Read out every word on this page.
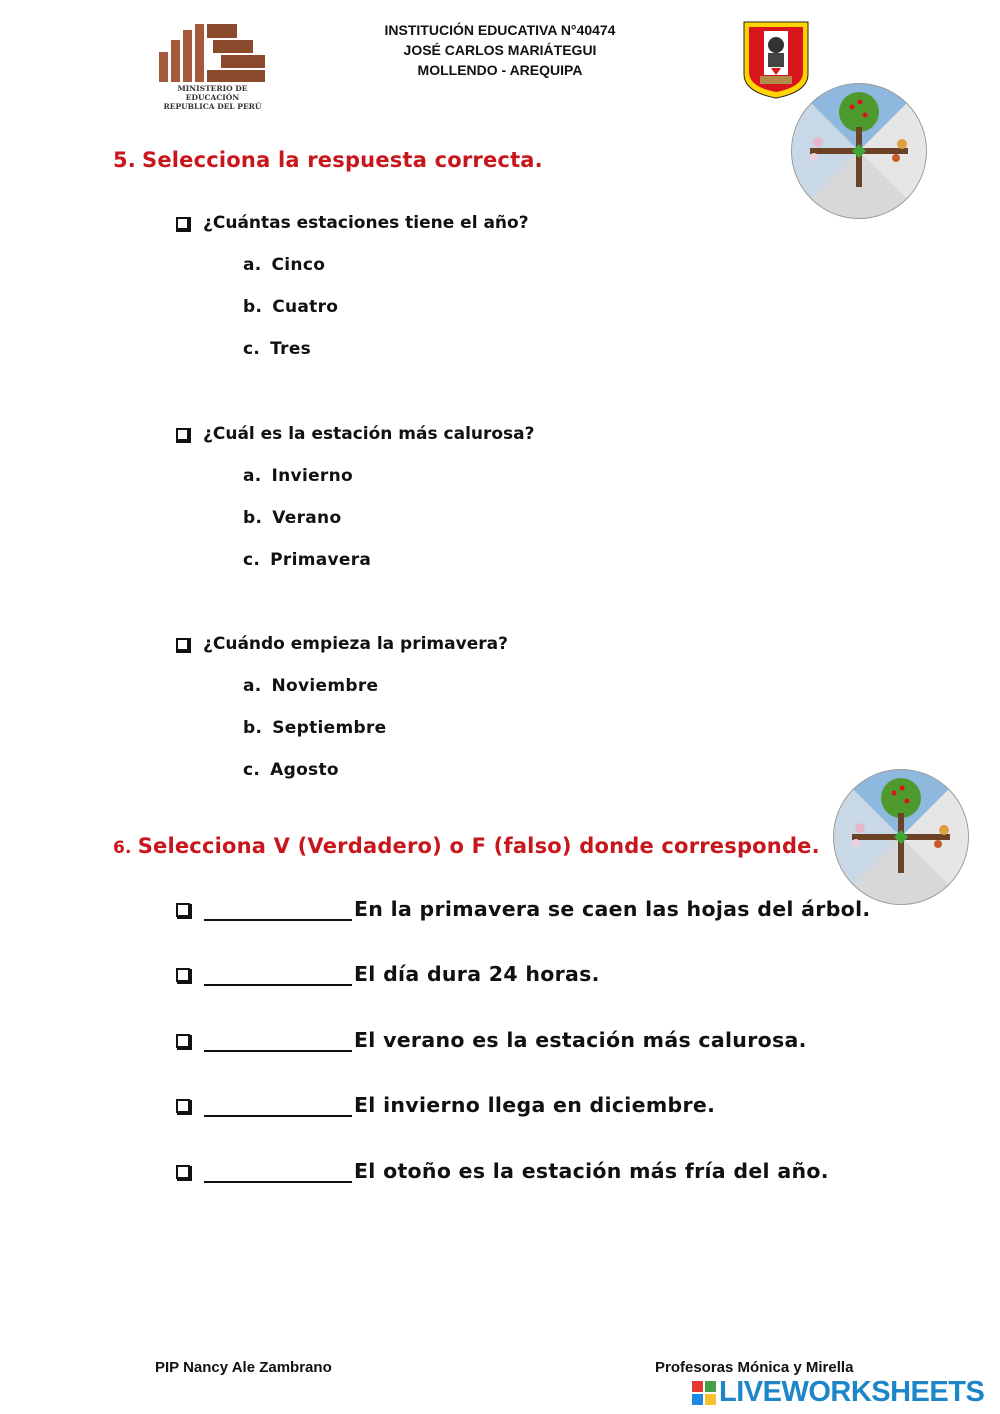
MINISTERIO DE EDUCACIÓN
REPUBLICA DEL PERÚ
INSTITUCIÓN EDUCATIVA N°40474
JOSÉ CARLOS MARIÁTEGUI
MOLLENDO - AREQUIPA
5. Selecciona la respuesta correcta.
¿Cuántas estaciones tiene el año?
a. Cinco
b. Cuatro
c. Tres
¿Cuál es la estación más calurosa?
a. Invierno
b. Verano
c. Primavera
¿Cuándo empieza la primavera?
a. Noviembre
b. Septiembre
c. Agosto
6. Selecciona V (Verdadero) o F (falso) donde corresponde.
En la primavera se caen las hojas del árbol.
El día dura 24 horas.
El verano es la estación más calurosa.
El invierno llega en diciembre.
El otoño es la estación más fría del año.
PIP Nancy Ale Zambrano	Profesoras Mónica y Mirella
LIVEWORKSHEETS
